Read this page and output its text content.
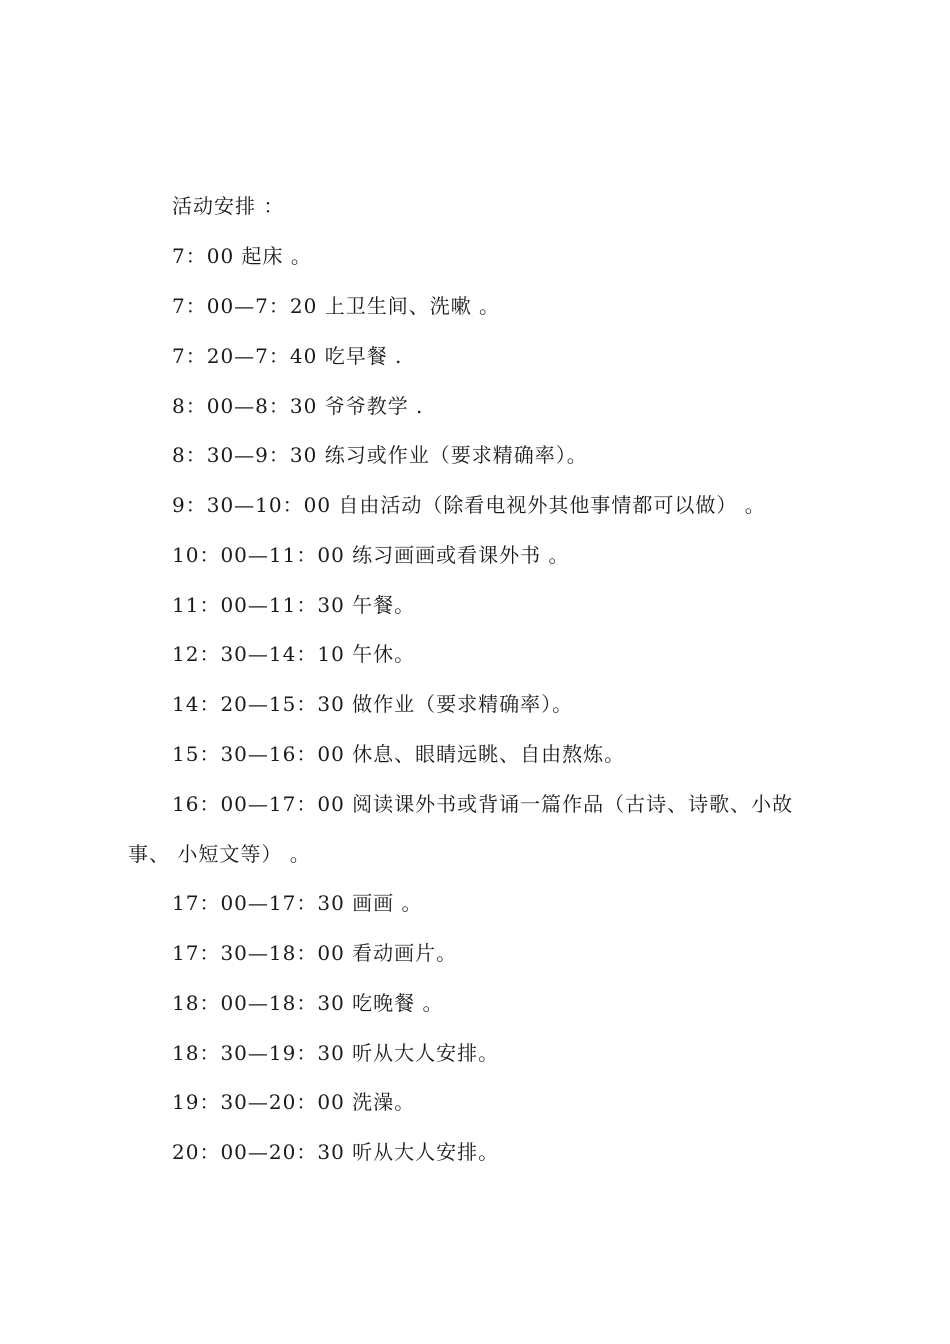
活动安排 ：
7：00 起床 。
7：00—7：20 上卫生间、洗嗽 。
7：20—7：40 吃早餐 .
8：00—8：30 爷爷教学 .
8：30—9：30 练习或作业（要求精确率）。
9：30—10：00 自由活动（除看电视外其他事情都可以做） 。
10：00—11：00 练习画画或看课外书 。
11：00—11：30 午餐。
12：30—14：10 午休。
14：20—15：30 做作业（要求精确率）。
15：30—16：00 休息、眼睛远眺、自由熬炼。
16：00—17：00 阅读课外书或背诵一篇作品（古诗、诗歌、小故
事、 小短文等） 。
17：00—17：30 画画 。
17：30—18：00 看动画片。
18：00—18：30 吃晚餐 。
18：30—19：30 听从大人安排。
19：30—20：00 洗澡。
20：00—20：30 听从大人安排。
